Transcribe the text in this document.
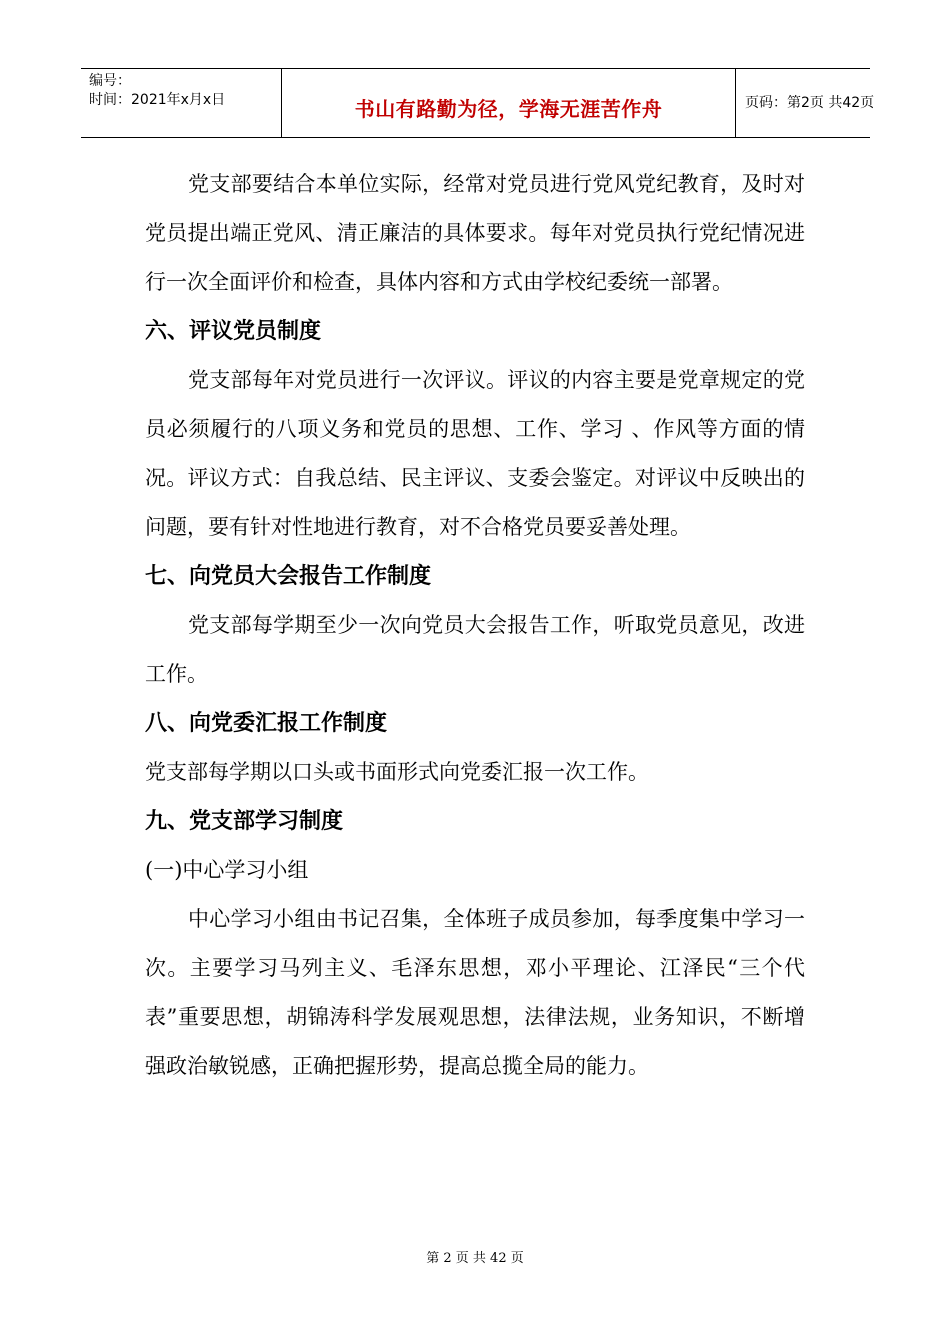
编号：
时间：2021年x月x日	书山有路勤为径，学海无涯苦作舟	页码：第2页 共42页

党支部要结合本单位实际，经常对党员进行党风党纪教育，及时对党员提出端正党风、清正廉洁的具体要求。每年对党员执行党纪情况进行一次全面评价和检查，具体内容和方式由学校纪委统一部署。

六、评议党员制度

党支部每年对党员进行一次评议。评议的内容主要是党章规定的党员必须履行的八项义务和党员的思想、工作、学习 、作风等方面的情况。评议方式：自我总结、民主评议、支委会鉴定。对评议中反映出的问题，要有针对性地进行教育，对不合格党员要妥善处理。

七、向党员大会报告工作制度

党支部每学期至少一次向党员大会报告工作，听取党员意见，改进工作。

八、向党委汇报工作制度

党支部每学期以口头或书面形式向党委汇报一次工作。

九、党支部学习制度

(一)中心学习小组

中心学习小组由书记召集，全体班子成员参加，每季度集中学习一次。主要学习马列主义、毛泽东思想，邓小平理论、江泽民“三个代表”重要思想，胡锦涛科学发展观思想，法律法规，业务知识，不断增强政治敏锐感，正确把握形势，提高总揽全局的能力。

第 2 页 共 42 页
